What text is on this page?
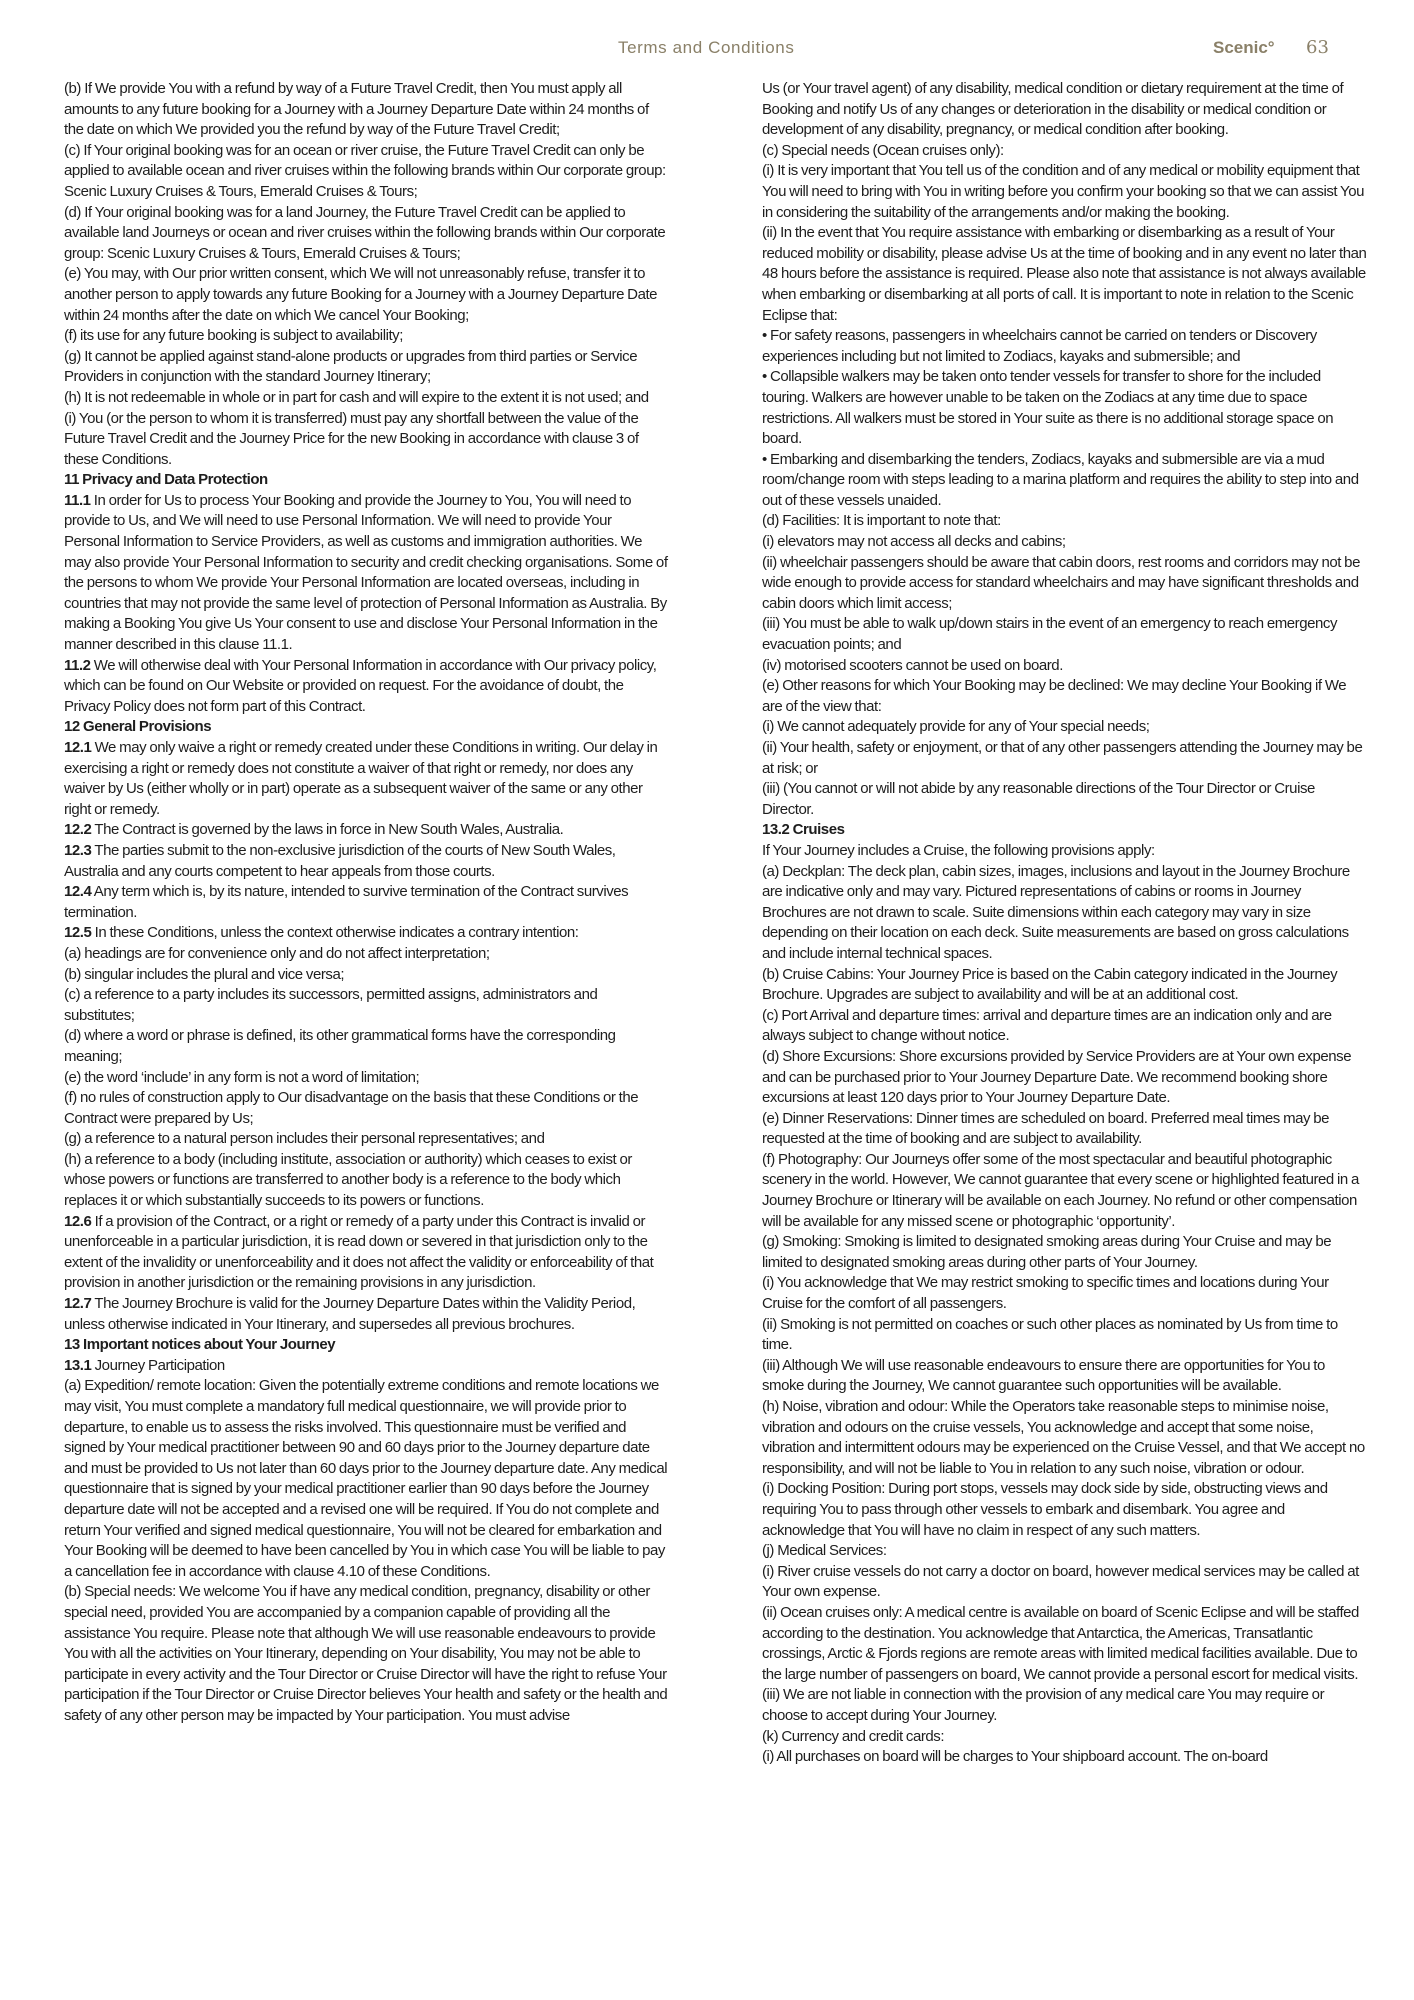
Terms and Conditions	Scenic° 63

(b) If We provide You with a refund by way of a Future Travel Credit, then You must apply all amounts to any future booking for a Journey with a Journey Departure Date within 24 months of the date on which We provided you the refund by way of the Future Travel Credit;

(c) If Your original booking was for an ocean or river cruise, the Future Travel Credit can only be applied to available ocean and river cruises within the following brands within Our corporate group: Scenic Luxury Cruises & Tours, Emerald Cruises & Tours;

(d) If Your original booking was for a land Journey, the Future Travel Credit can be applied to available land Journeys or ocean and river cruises within the following brands within Our corporate group: Scenic Luxury Cruises & Tours, Emerald Cruises & Tours;

(e) You may, with Our prior written consent, which We will not unreasonably refuse, transfer it to another person to apply towards any future Booking for a Journey with a Journey Departure Date within 24 months after the date on which We cancel Your Booking;

(f) its use for any future booking is subject to availability;

(g) It cannot be applied against stand-alone products or upgrades from third parties or Service Providers in conjunction with the standard Journey Itinerary;

(h) It is not redeemable in whole or in part for cash and will expire to the extent it is not used; and

(i) You (or the person to whom it is transferred) must pay any shortfall between the value of the Future Travel Credit and the Journey Price for the new Booking in accordance with clause 3 of these Conditions.

11 Privacy and Data Protection

11.1 In order for Us to process Your Booking and provide the Journey to You, You will need to provide to Us, and We will need to use Personal Information. We will need to provide Your Personal Information to Service Providers, as well as customs and immigration authorities. We may also provide Your Personal Information to security and credit checking organisations. Some of the persons to whom We provide Your Personal Information are located overseas, including in countries that may not provide the same level of protection of Personal Information as Australia. By making a Booking You give Us Your consent to use and disclose Your Personal Information in the manner described in this clause 11.1.

11.2 We will otherwise deal with Your Personal Information in accordance with Our privacy policy, which can be found on Our Website or provided on request. For the avoidance of doubt, the Privacy Policy does not form part of this Contract.

12 General Provisions

12.1 We may only waive a right or remedy created under these Conditions in writing. Our delay in exercising a right or remedy does not constitute a waiver of that right or remedy, nor does any waiver by Us (either wholly or in part) operate as a subsequent waiver of the same or any other right or remedy.

12.2 The Contract is governed by the laws in force in New South Wales, Australia.

12.3 The parties submit to the non-exclusive jurisdiction of the courts of New South Wales, Australia and any courts competent to hear appeals from those courts.

12.4 Any term which is, by its nature, intended to survive termination of the Contract survives termination.

12.5 In these Conditions, unless the context otherwise indicates a contrary intention:

(a) headings are for convenience only and do not affect interpretation;

(b) singular includes the plural and vice versa;

(c) a reference to a party includes its successors, permitted assigns, administrators and substitutes;

(d) where a word or phrase is defined, its other grammatical forms have the corresponding meaning;

(e) the word ‘include’ in any form is not a word of limitation;

(f) no rules of construction apply to Our disadvantage on the basis that these Conditions or the Contract were prepared by Us;

(g) a reference to a natural person includes their personal representatives; and

(h) a reference to a body (including institute, association or authority) which ceases to exist or whose powers or functions are transferred to another body is a reference to the body which replaces it or which substantially succeeds to its powers or functions.

12.6 If a provision of the Contract, or a right or remedy of a party under this Contract is invalid or unenforceable in a particular jurisdiction, it is read down or severed in that jurisdiction only to the extent of the invalidity or unenforceability and it does not affect the validity or enforceability of that provision in another jurisdiction or the remaining provisions in any jurisdiction.

12.7 The Journey Brochure is valid for the Journey Departure Dates within the Validity Period, unless otherwise indicated in Your Itinerary, and supersedes all previous brochures.

13 Important notices about Your Journey

13.1 Journey Participation

(a) Expedition/ remote location: Given the potentially extreme conditions and remote locations we may visit, You must complete a mandatory full medical questionnaire, we will provide prior to departure, to enable us to assess the risks involved. This questionnaire must be verified and signed by Your medical practitioner between 90 and 60 days prior to the Journey departure date and must be provided to Us not later than 60 days prior to the Journey departure date. Any medical questionnaire that is signed by your medical practitioner earlier than 90 days before the Journey departure date will not be accepted and a revised one will be required. If You do not complete and return Your verified and signed medical questionnaire, You will not be cleared for embarkation and Your Booking will be deemed to have been cancelled by You in which case You will be liable to pay a cancellation fee in accordance with clause 4.10 of these Conditions.

(b) Special needs: We welcome You if have any medical condition, pregnancy, disability or other special need, provided You are accompanied by a companion capable of providing all the assistance You require. Please note that although We will use reasonable endeavours to provide You with all the activities on Your Itinerary, depending on Your disability, You may not be able to participate in every activity and the Tour Director or Cruise Director will have the right to refuse Your participation if the Tour Director or Cruise Director believes Your health and safety or the health and safety of any other person may be impacted by Your participation. You must advise

Us (or Your travel agent) of any disability, medical condition or dietary requirement at the time of Booking and notify Us of any changes or deterioration in the disability or medical condition or development of any disability, pregnancy, or medical condition after booking.

(c) Special needs (Ocean cruises only):

(i) It is very important that You tell us of the condition and of any medical or mobility equipment that You will need to bring with You in writing before you confirm your booking so that we can assist You in considering the suitability of the arrangements and/or making the booking.

(ii) In the event that You require assistance with embarking or disembarking as a result of Your reduced mobility or disability, please advise Us at the time of booking and in any event no later than 48 hours before the assistance is required. Please also note that assistance is not always available when embarking or disembarking at all ports of call. It is important to note in relation to the Scenic Eclipse that:

• For safety reasons, passengers in wheelchairs cannot be carried on tenders or Discovery experiences including but not limited to Zodiacs, kayaks and submersible; and

• Collapsible walkers may be taken onto tender vessels for transfer to shore for the included touring. Walkers are however unable to be taken on the Zodiacs at any time due to space restrictions. All walkers must be stored in Your suite as there is no additional storage space on board.

• Embarking and disembarking the tenders, Zodiacs, kayaks and submersible are via a mud room/change room with steps leading to a marina platform and requires the ability to step into and out of these vessels unaided.

(d) Facilities: It is important to note that:

(i) elevators may not access all decks and cabins;

(ii) wheelchair passengers should be aware that cabin doors, rest rooms and corridors may not be wide enough to provide access for standard wheelchairs and may have significant thresholds and cabin doors which limit access;

(iii) You must be able to walk up/down stairs in the event of an emergency to reach emergency evacuation points; and

(iv) motorised scooters cannot be used on board.

(e) Other reasons for which Your Booking may be declined: We may decline Your Booking if We are of the view that:

(i) We cannot adequately provide for any of Your special needs;

(ii) Your health, safety or enjoyment, or that of any other passengers attending the Journey may be at risk; or

(iii) (You cannot or will not abide by any reasonable directions of the Tour Director or Cruise Director.

13.2 Cruises

If Your Journey includes a Cruise, the following provisions apply:

(a) Deckplan: The deck plan, cabin sizes, images, inclusions and layout in the Journey Brochure are indicative only and may vary. Pictured representations of cabins or rooms in Journey Brochures are not drawn to scale. Suite dimensions within each category may vary in size depending on their location on each deck. Suite measurements are based on gross calculations and include internal technical spaces.

(b) Cruise Cabins: Your Journey Price is based on the Cabin category indicated in the Journey Brochure. Upgrades are subject to availability and will be at an additional cost.

(c) Port Arrival and departure times: arrival and departure times are an indication only and are always subject to change without notice.

(d) Shore Excursions: Shore excursions provided by Service Providers are at Your own expense and can be purchased prior to Your Journey Departure Date. We recommend booking shore excursions at least 120 days prior to Your Journey Departure Date.

(e) Dinner Reservations: Dinner times are scheduled on board. Preferred meal times may be requested at the time of booking and are subject to availability.

(f) Photography: Our Journeys offer some of the most spectacular and beautiful photographic scenery in the world. However, We cannot guarantee that every scene or highlighted featured in a Journey Brochure or Itinerary will be available on each Journey. No refund or other compensation will be available for any missed scene or photographic ‘opportunity’.

(g) Smoking: Smoking is limited to designated smoking areas during Your Cruise and may be limited to designated smoking areas during other parts of Your Journey.

(i) You acknowledge that We may restrict smoking to specific times and locations during Your Cruise for the comfort of all passengers.

(ii) Smoking is not permitted on coaches or such other places as nominated by Us from time to time.

(iii) Although We will use reasonable endeavours to ensure there are opportunities for You to smoke during the Journey, We cannot guarantee such opportunities will be available.

(h) Noise, vibration and odour: While the Operators take reasonable steps to minimise noise, vibration and odours on the cruise vessels, You acknowledge and accept that some noise, vibration and intermittent odours may be experienced on the Cruise Vessel, and that We accept no responsibility, and will not be liable to You in relation to any such noise, vibration or odour.

(i) Docking Position: During port stops, vessels may dock side by side, obstructing views and requiring You to pass through other vessels to embark and disembark. You agree and acknowledge that You will have no claim in respect of any such matters.

(j) Medical Services:

(i) River cruise vessels do not carry a doctor on board, however medical services may be called at Your own expense.

(ii) Ocean cruises only: A medical centre is available on board of Scenic Eclipse and will be staffed according to the destination. You acknowledge that Antarctica, the Americas, Transatlantic crossings, Arctic & Fjords regions are remote areas with limited medical facilities available. Due to the large number of passengers on board, We cannot provide a personal escort for medical visits.

(iii) We are not liable in connection with the provision of any medical care You may require or choose to accept during Your Journey.

(k) Currency and credit cards:

(i) All purchases on board will be charges to Your shipboard account. The on-board
